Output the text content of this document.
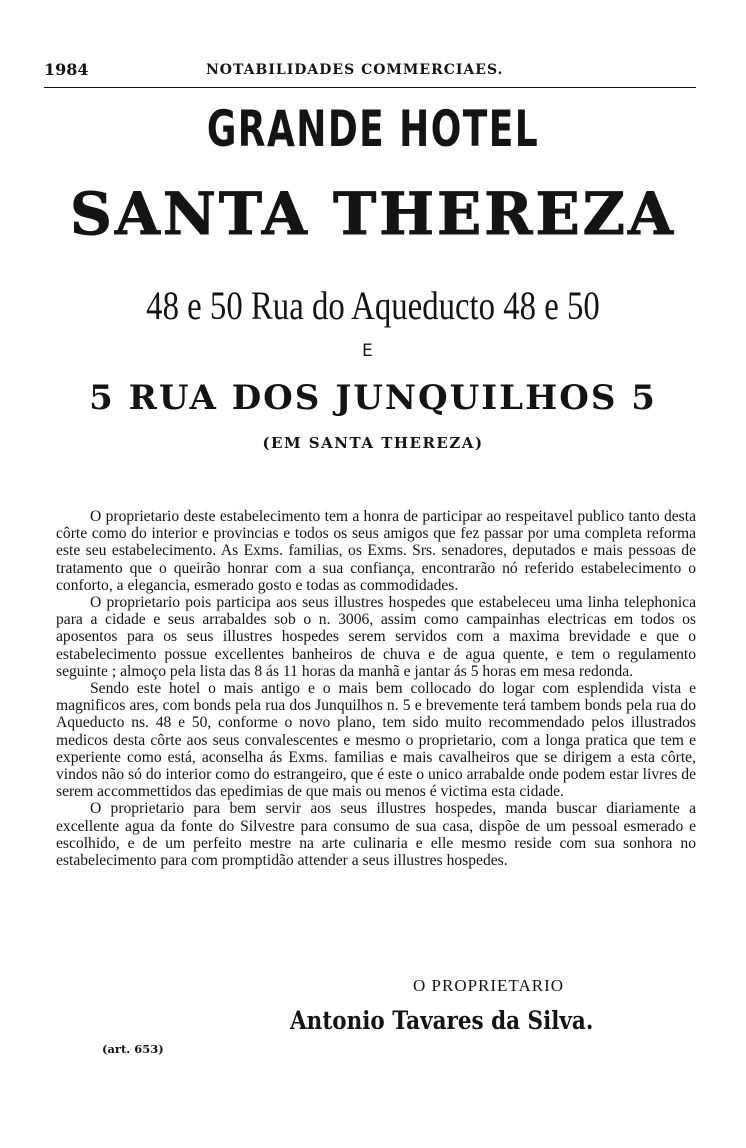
1984	NOTABILIDADES COMMERCIAES.
GRANDE HOTEL
SANTA THEREZA
48 e 50 Rua do Aqueducto 48 e 50
E
5 RUA DOS JUNQUILHOS 5
(EM SANTA THEREZA)

O proprietario deste estabelecimento tem a honra de participar ao respeitavel publico tanto desta côrte como do interior e provincias e todos os seus amigos que fez passar por uma completa reforma este seu estabelecimento. As Exms. familias, os Exms. Srs. senadores, deputados e mais pessoas de tratamento que o queirão honrar com a sua confiança, encontrarão nó referido estabelecimento o conforto, a elegancia, esmerado gosto e todas as commodidades.

O proprietario pois participa aos seus illustres hospedes que estabeleceu uma linha telephonica para a cidade e seus arrabaldes sob o n. 3006, assim como campainhas electricas em todos os aposentos para os seus illustres hospedes serem servidos com a maxima brevidade e que o estabelecimento possue excellentes banheiros de chuva e de agua quente, e tem o regulamento seguinte ; almoço pela lista das 8 ás 11 horas da manhã e jantar ás 5 horas em mesa redonda.

Sendo este hotel o mais antigo e o mais bem collocado do logar com esplendida vista e magnificos ares, com bonds pela rua dos Junquilhos n. 5 e brevemente terá tambem bonds pela rua do Aqueducto ns. 48 e 50, conforme o novo plano, tem sido muito recommendado pelos illustrados medicos desta côrte aos seus convalescentes e mesmo o proprietario, com a longa pratica que tem e experiente como está, aconselha ás Exms. familias e mais cavalheiros que se dirigem a esta côrte, vindos não só do interior como do estrangeiro, que é este o unico arrabalde onde podem estar livres de serem accommettidos das epedimias de que mais ou menos é victima esta cidade.

O proprietario para bem servir aos seus illustres hospedes, manda buscar diariamente a excellente agua da fonte do Silvestre para consumo de sua casa, dispõe de um pessoal esmerado e escolhido, e de um perfeito mestre na arte culinaria e elle mesmo reside com sua sonhora no estabelecimento para com promptidão attender a seus illustres hospedes.

O PROPRIETARIO
Antonio Tavares da Silva.
(art. 653)
